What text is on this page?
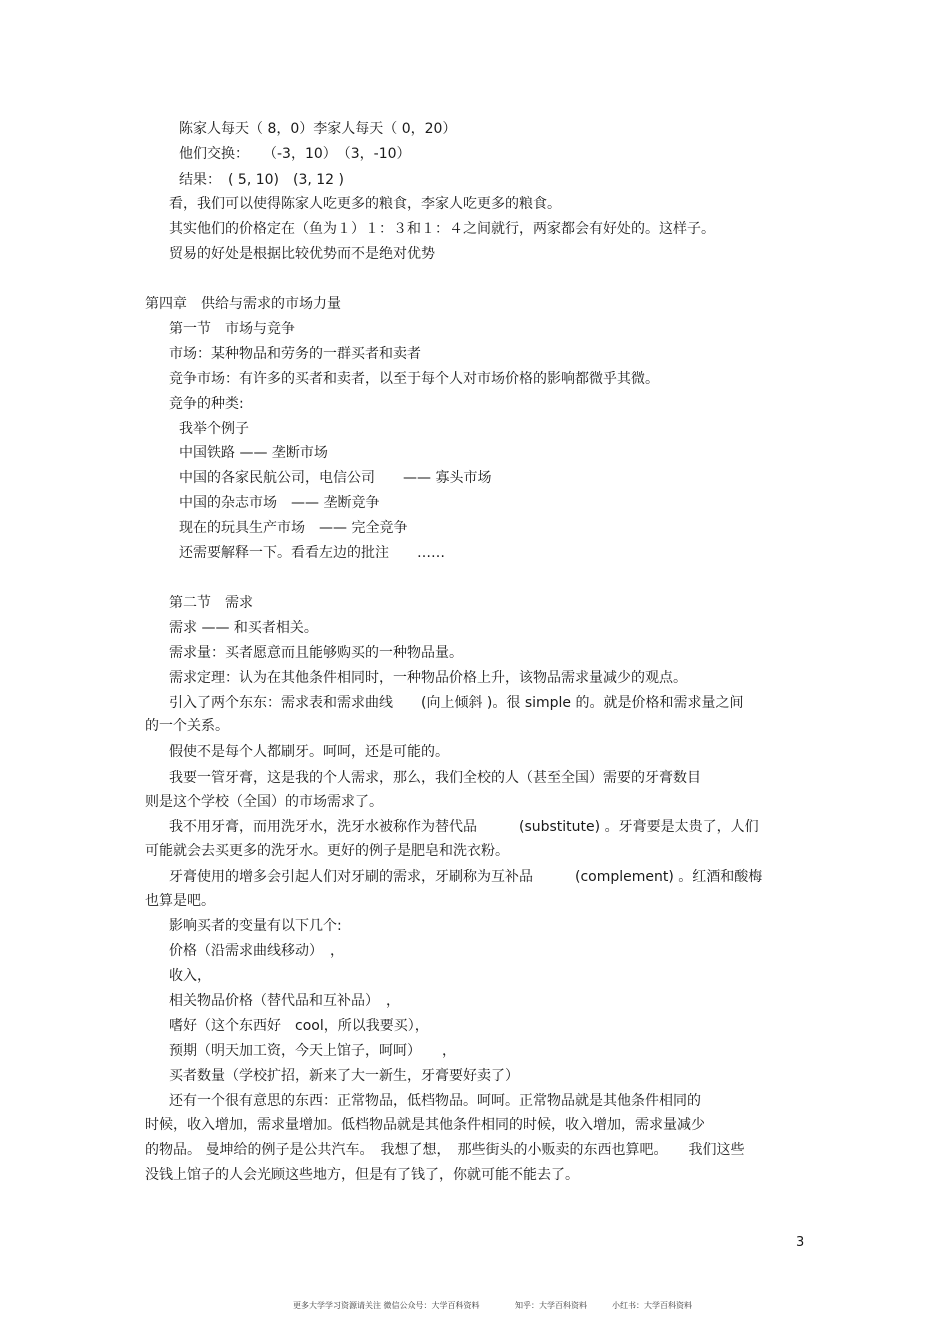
陈家人每天（ 8，0）李家人每天（ 0，20）
他们交换：　　（-3，10）　（3，-10）
结果：　( 5, 10)　(3, 12 )
看，我们可以使得陈家人吃更多的粮食，李家人吃更多的粮食。
其实他们的价格定在（鱼为１）１：３和１：４之间就行，两家都会有好处的。这样子。
贸易的好处是根据比较优势而不是绝对优势
第四章　供给与需求的市场力量
第一节　市场与竞争
市场：某种物品和劳务的一群买者和卖者
竞争市场：有许多的买者和卖者，以至于每个人对市场价格的影响都微乎其微。
竞争的种类:
我举个例子
中国铁路 —— 垄断市场
中国的各家民航公司，电信公司　　—— 寡头市场
中国的杂志市场　—— 垄断竞争
现在的玩具生产市场　—— 完全竞争
还需要解释一下。看看左边的批注　　……
第二节　需求
需求 —— 和买者相关。
需求量：买者愿意而且能够购买的一种物品量。
需求定理：认为在其他条件相同时，一种物品价格上升，该物品需求量减少的观点。
引入了两个东东：需求表和需求曲线　　(向上倾斜 )。很 simple 的。就是价格和需求量之间
的一个关系。
假使不是每个人都刷牙。呵呵，还是可能的。
我要一管牙膏，这是我的个人需求，那么，我们全校的人（甚至全国）需要的牙膏数目
则是这个学校（全国）的市场需求了。
我不用牙膏，而用洗牙水，洗牙水被称作为替代品　　　(substitute) 。牙膏要是太贵了，人们
可能就会去买更多的洗牙水。更好的例子是肥皂和洗衣粉。
牙膏使用的增多会引起人们对牙刷的需求，牙刷称为互补品　　　(complement) 。红酒和酸梅
也算是吧。
影响买者的变量有以下几个:
价格（沿需求曲线移动）　，
收入，
相关物品价格（替代品和互补品）　，
嗜好（这个东西好　cool，所以我要买），
预期（明天加工资，今天上馆子，呵呵）　　，
买者数量（学校扩招，新来了大一新生，牙膏要好卖了）
还有一个很有意思的东西：正常物品，低档物品。呵呵。正常物品就是其他条件相同的
时候，收入增加，需求量增加。低档物品就是其他条件相同的时候，收入增加，需求量减少
的物品。 曼坤给的例子是公共汽车。　我想了想，　那些街头的小贩卖的东西也算吧。　　我们这些
没钱上馆子的人会光顾这些地方，但是有了钱了，你就可能不能去了。
3
更多大学学习资源请关注 微信公众号：大学百科资料	知乎：大学百科资料	小红书：大学百科资料
